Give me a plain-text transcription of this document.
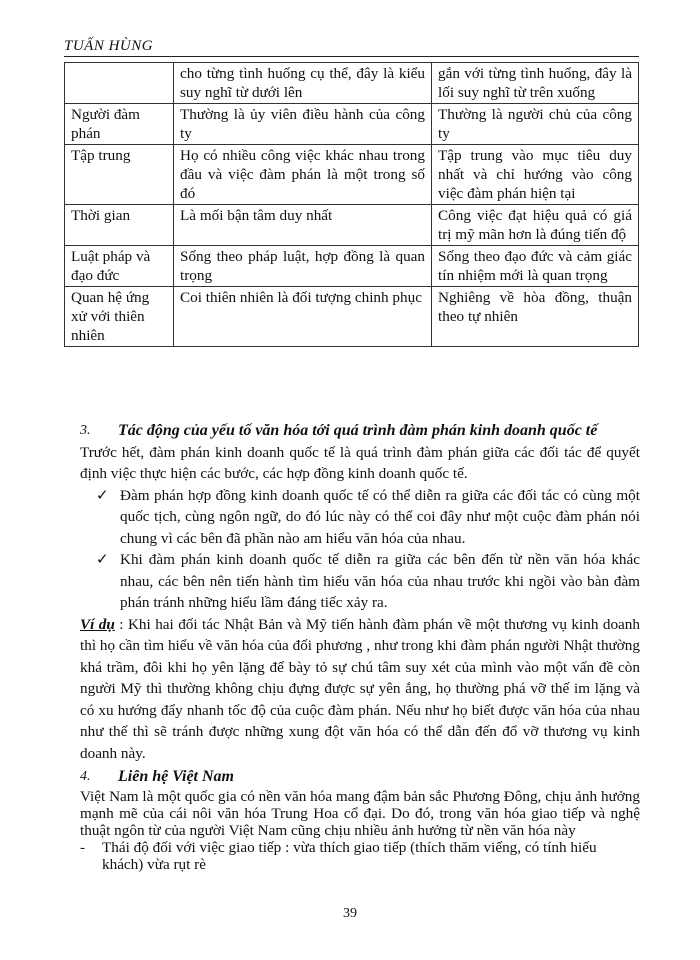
TUẤN HÙNG
	cho từng tình huống cụ thể, đây là kiểu suy nghĩ từ dưới lên	gắn với từng tình huống, đây là lối suy nghĩ từ trên xuống
Người đàm phán	Thường là ủy viên điều hành của công ty	Thường là người chủ của công ty
Tập trung	Họ có nhiều công việc khác nhau trong đầu và việc đàm phán là một trong số đó	Tập trung vào mục tiêu duy nhất và chỉ hướng vào công việc đàm phán hiện tại
Thời gian	Là mối bận tâm duy nhất	Công việc đạt hiệu quả có giá trị mỹ mãn hơn là đúng tiến độ
Luật pháp và đạo đức	Sống theo pháp luật, hợp đồng là quan trọng	Sống theo đạo đức và cảm giác tín nhiệm mới là quan trọng
Quan hệ ứng xử với thiên nhiên	Coi thiên nhiên là đối tượng chinh phục	Nghiêng về hòa đồng, thuận theo tự nhiên
3.	Tác động của yếu tố văn hóa tới quá trình đàm phán kinh doanh quốc tế

Trước hết, đàm phán kinh doanh quốc tế là quá trình đàm phán giữa các đối tác để quyết định việc thực hiện các bước, các hợp đồng kinh doanh quốc tế.

✓ Đàm phán hợp đồng kinh doanh quốc tế có thể diễn ra giữa các đối tác có cùng một quốc tịch, cùng ngôn ngữ, do đó lúc này có thể coi đây như một cuộc đàm phán nói chung vì các bên đã phần nào am hiểu văn hóa của nhau.
✓ Khi đàm phán kinh doanh quốc tế diễn ra giữa các bên đến từ nền văn hóa khác nhau, các bên nên tiến hành tìm hiểu văn hóa của nhau trước khi ngồi vào bàn đàm phán tránh những hiểu lầm đáng tiếc xảy ra.

Ví dụ : Khi hai đối tác Nhật Bản và Mỹ tiến hành đàm phán về một thương vụ kinh doanh thì họ cần tìm hiểu về văn hóa của đối phương , như trong khi đàm phán người Nhật thường khá trầm, đôi khi họ yên lặng để bày tỏ sự chú tâm suy xét của mình vào một vấn đề còn người Mỹ thì thường không chịu đựng được sự yên ắng, họ thường phá vỡ thế im lặng và có xu hướng đẩy nhanh tốc độ của cuộc đàm phán. Nếu như họ biết được văn hóa của nhau như thế thì sẽ tránh được những xung đột văn hóa có thể dẫn đến đổ vỡ thương vụ kinh doanh này.

4.	Liên hệ Việt Nam

Việt Nam là một quốc gia có nền văn hóa mang đậm bản sắc Phương Đông, chịu ảnh hưởng mạnh mẽ của cái nôi văn hóa Trung Hoa cổ đại. Do đó, trong văn hóa giao tiếp và nghệ thuật ngôn từ của người Việt Nam cũng chịu nhiều ảnh hưởng từ nền văn hóa này

-	Thái độ đối với việc giao tiếp : vừa thích giao tiếp (thích thăm viếng, có tính hiếu khách) vừa rụt rè
39
